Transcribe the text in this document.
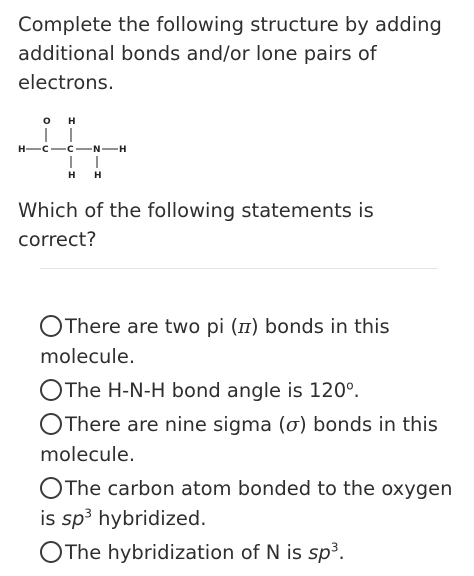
Complete the following structure by adding additional bonds and/or lone pairs of electrons.
O H
H C C N H
H H
Which of the following statements is correct?
There are two pi (π) bonds in this molecule.
The H-N-H bond angle is 120$^o$.
There are nine sigma (σ) bonds in this molecule.
The carbon atom bonded to the oxygen is $sp^3$ hybridized.
The hybridization of N is $sp^3$.
